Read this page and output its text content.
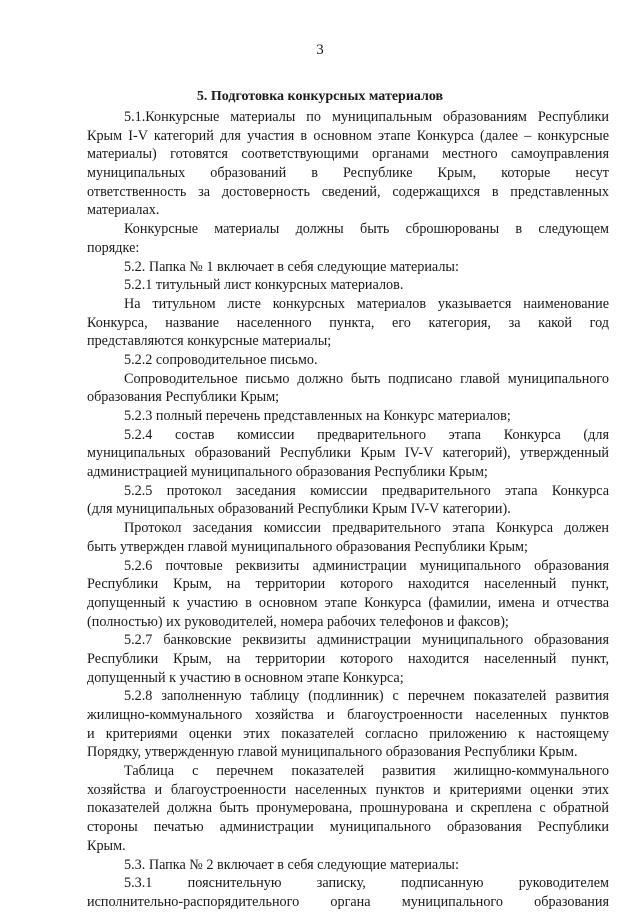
3
5. Подготовка конкурсных материалов
5.1.Конкурсные материалы по муниципальным образованиям Республики
Крым I-V категорий для участия в основном этапе Конкурса (далее – конкурсные
материалы) готовятся соответствующими органами местного самоуправления
муниципальных образований в Республике Крым, которые несут
ответственность за достоверность сведений, содержащихся в представленных
материалах.
Конкурсные материалы должны быть сброшюрованы в следующем
порядке:
5.2. Папка № 1 включает в себя следующие материалы:
5.2.1 титульный лист конкурсных материалов.
На титульном листе конкурсных материалов указывается наименование
Конкурса, название населенного пункта, его категория, за какой год
представляются конкурсные материалы;
5.2.2 сопроводительное письмо.
Сопроводительное письмо должно быть подписано главой муниципального
образования Республики Крым;
5.2.3 полный перечень представленных на Конкурс материалов;
5.2.4 состав комиссии предварительного этапа Конкурса (для
муниципальных образований Республики Крым IV-V категорий), утвержденный
администрацией муниципального образования Республики Крым;
5.2.5 протокол заседания комиссии предварительного этапа Конкурса
(для муниципальных образований Республики Крым IV-V категории).
Протокол заседания комиссии предварительного этапа Конкурса должен
быть утвержден главой муниципального образования Республики Крым;
5.2.6 почтовые реквизиты администрации муниципального образования
Республики Крым, на территории которого находится населенный пункт,
допущенный к участию в основном этапе Конкурса (фамилии, имена и отчества
(полностью) их руководителей, номера рабочих телефонов и факсов);
5.2.7 банковские реквизиты администрации муниципального образования
Республики Крым, на территории которого находится населенный пункт,
допущенный к участию в основном этапе Конкурса;
5.2.8 заполненную таблицу (подлинник) с перечнем показателей развития
жилищно-коммунального хозяйства и благоустроенности населенных пунктов
и критериями оценки этих показателей согласно приложению к настоящему
Порядку, утвержденную главой муниципального образования Республики Крым.
Таблица с перечнем показателей развития жилищно-коммунального
хозяйства и благоустроенности населенных пунктов и критериями оценки этих
показателей должна быть пронумерована, прошнурована и скреплена с обратной
стороны печатью администрации муниципального образования Республики
Крым.
5.3. Папка № 2 включает в себя следующие материалы:
5.3.1 пояснительную записку, подписанную руководителем
исполнительно-распорядительного органа муниципального образования
